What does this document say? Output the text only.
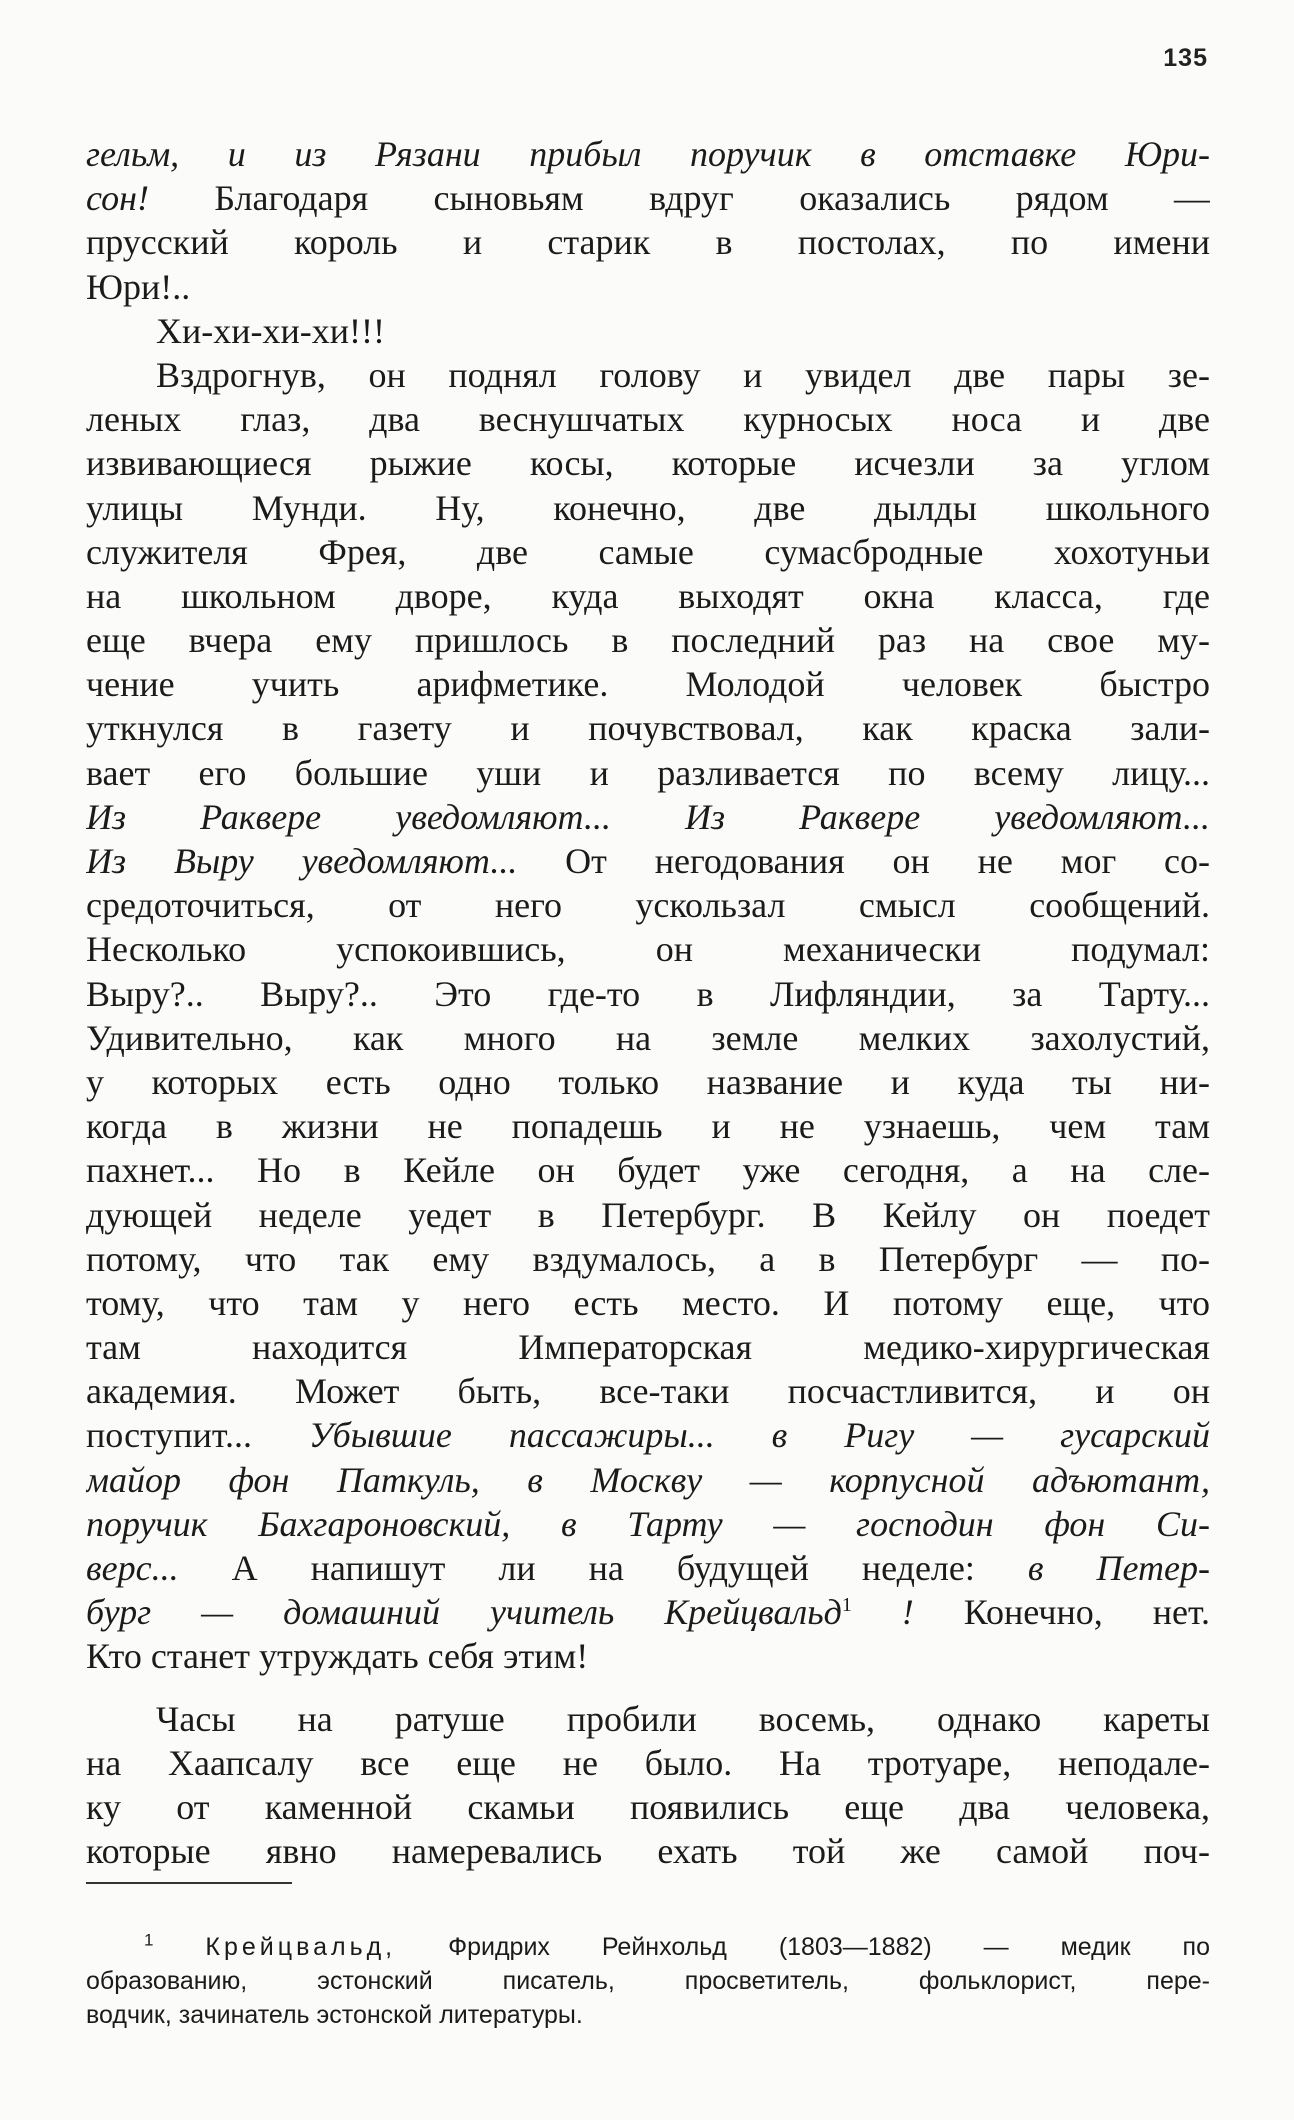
135
гельм, и из Рязани прибыл поручик в отставке Юри-
сон! Благодаря сыновьям вдруг оказались рядом —
прусский король и старик в постолах, по имени
Юри!..
Хи-хи-хи-хи!!!
Вздрогнув, он поднял голову и увидел две пары зе-
леных глаз, два веснушчатых курносых носа и две
извивающиеся рыжие косы, которые исчезли за углом
улицы Мунди. Ну, конечно, две дылды школьного
служителя Фрея, две самые сумасбродные хохотуньи
на школьном дворе, куда выходят окна класса, где
еще вчера ему пришлось в последний раз на свое му-
чение учить арифметике. Молодой человек быстро
уткнулся в газету и почувствовал, как краска зали-
вает его большие уши и разливается по всему лицу...
Из Раквере уведомляют... Из Раквере уведомляют...
Из Выру уведомляют... От негодования он не мог со-
средоточиться, от него ускользал смысл сообщений.
Несколько успокоившись, он механически подумал:
Выру?.. Выру?.. Это где-то в Лифляндии, за Тарту...
Удивительно, как много на земле мелких захолустий,
у которых есть одно только название и куда ты ни-
когда в жизни не попадешь и не узнаешь, чем там
пахнет... Но в Кейле он будет уже сегодня, а на сле-
дующей неделе уедет в Петербург. В Кейлу он поедет
потому, что так ему вздумалось, а в Петербург — по-
тому, что там у него есть место. И потому еще, что
там находится Императорская медико-хирургическая
академия. Может быть, все-таки посчастливится, и он
поступит... Убывшие пассажиры... в Ригу — гусарский
майор фон Паткуль, в Москву — корпусной адъютант,
поручик Бахгароновский, в Тарту — господин фон Си-
верс... А напишут ли на будущей неделе: в Петер-
бург — домашний учитель Крейцвальд$^1$ ! Конечно, нет.
Кто станет утруждать себя этим!
Часы на ратуше пробили восемь, однако кареты
на Хаапсалу все еще не было. На тротуаре, неподале-
ку от каменной скамьи появились еще два человека,
которые явно намеревались ехать той же самой поч-
$^1$ Крейцвальд, Фридрих Рейнхольд (1803—1882) — медик по
образованию, эстонский писатель, просветитель, фольклорист, пере-
водчик, зачинатель эстонской литературы.
